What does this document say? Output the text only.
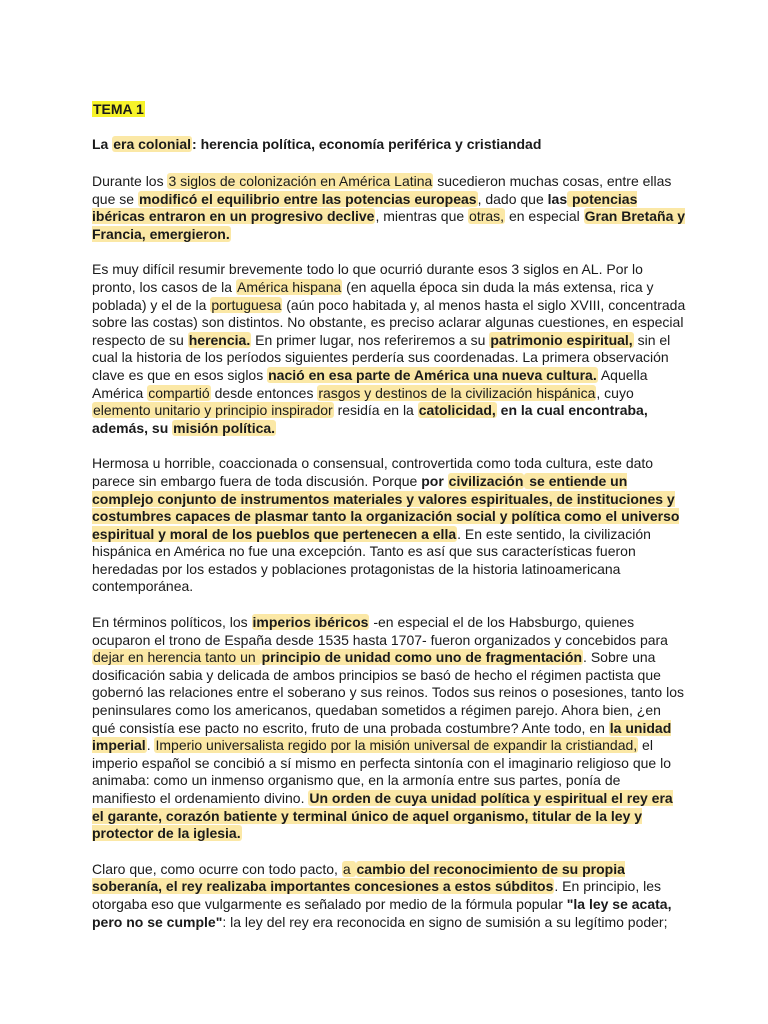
TEMA 1

La era colonial: herencia política, economía periférica y cristiandad

Durante los 3 siglos de colonización en América Latina sucedieron muchas cosas, entre ellas que se modificó el equilibrio entre las potencias europeas, dado que las potencias ibéricas entraron en un progresivo declive, mientras que otras, en especial Gran Bretaña y Francia, emergieron.

Es muy difícil resumir brevemente todo lo que ocurrió durante esos 3 siglos en AL. Por lo pronto, los casos de la América hispana (en aquella época sin duda la más extensa, rica y poblada) y el de la portuguesa (aún poco habitada y, al menos hasta el siglo XVIII, concentrada sobre las costas) son distintos. No obstante, es preciso aclarar algunas cuestiones, en especial respecto de su herencia. En primer lugar, nos referiremos a su patrimonio espiritual, sin el cual la historia de los períodos siguientes perdería sus coordenadas. La primera observación clave es que en esos siglos nació en esa parte de América una nueva cultura. Aquella América compartió desde entonces rasgos y destinos de la civilización hispánica, cuyo elemento unitario y principio inspirador residía en la catolicidad, en la cual encontraba, además, su misión política.

Hermosa u horrible, coaccionada o consensual, controvertida como toda cultura, este dato parece sin embargo fuera de toda discusión. Porque por civilización se entiende un complejo conjunto de instrumentos materiales y valores espirituales, de instituciones y costumbres capaces de plasmar tanto la organización social y política como el universo espiritual y moral de los pueblos que pertenecen a ella. En este sentido, la civilización hispánica en América no fue una excepción. Tanto es así que sus características fueron heredadas por los estados y poblaciones protagonistas de la historia latinoamericana contemporánea.

En términos políticos, los imperios ibéricos -en especial el de los Habsburgo, quienes ocuparon el trono de España desde 1535 hasta 1707- fueron organizados y concebidos para dejar en herencia tanto un principio de unidad como uno de fragmentación. Sobre una dosificación sabia y delicada de ambos principios se basó de hecho el régimen pactista que gobernó las relaciones entre el soberano y sus reinos. Todos sus reinos o posesiones, tanto los peninsulares como los americanos, quedaban sometidos a régimen parejo. Ahora bien, ¿en qué consistía ese pacto no escrito, fruto de una probada costumbre? Ante todo, en la unidad imperial. Imperio universalista regido por la misión universal de expandir la cristiandad, el imperio español se concibió a sí mismo en perfecta sintonía con el imaginario religioso que lo animaba: como un inmenso organismo que, en la armonía entre sus partes, ponía de manifiesto el ordenamiento divino. Un orden de cuya unidad política y espiritual el rey era el garante, corazón batiente y terminal único de aquel organismo, titular de la ley y protector de la iglesia.

Claro que, como ocurre con todo pacto, a cambio del reconocimiento de su propia soberanía, el rey realizaba importantes concesiones a estos súbditos. En principio, les otorgaba eso que vulgarmente es señalado por medio de la fórmula popular "la ley se acata, pero no se cumple": la ley del rey era reconocida en signo de sumisión a su legítimo poder;
